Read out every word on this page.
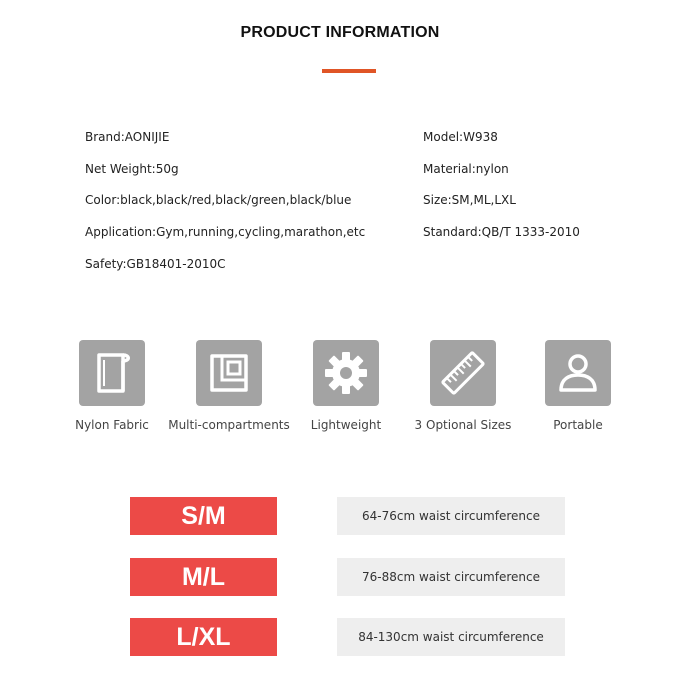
PRODUCT INFORMATION
Brand:AONIJIE
Net Weight:50g
Color:black,black/red,black/green,black/blue
Application:Gym,running,cycling,marathon,etc
Safety:GB18401-2010C
Model:W938
Material:nylon
Size:SM,ML,LXL
Standard:QB/T 1333-2010
Nylon Fabric	Multi-compartments	Lightweight	3 Optional Sizes	Portable
S/M	64-76cm waist circumference
M/L	76-88cm waist circumference
L/XL	84-130cm waist circumference
